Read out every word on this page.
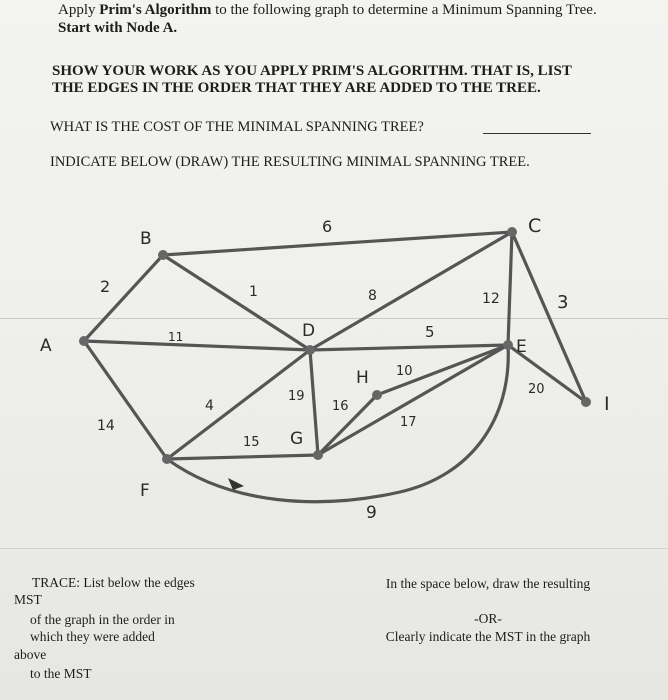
Apply Prim's Algorithm to the following graph to determine a Minimum Spanning Tree.
Start with Node A.
SHOW YOUR WORK AS YOU APPLY PRIM'S ALGORITHM. THAT IS, LIST
THE EDGES IN THE ORDER THAT THEY ARE ADDED TO THE TREE.
WHAT IS THE COST OF THE MINIMAL SPANNING TREE?
INDICATE BELOW (DRAW) THE RESULTING MINIMAL SPANNING TREE.
A
B
C
D
E
F
G
H
I
2
11
14
1
6
8	12	3
5
4
19
15
16
10
17
20
9
TRACE: List below the edges
MST
of the graph in the order in
which they were added
above
to the MST
In the space below, draw the resulting
-OR-
Clearly indicate the MST in the graph
